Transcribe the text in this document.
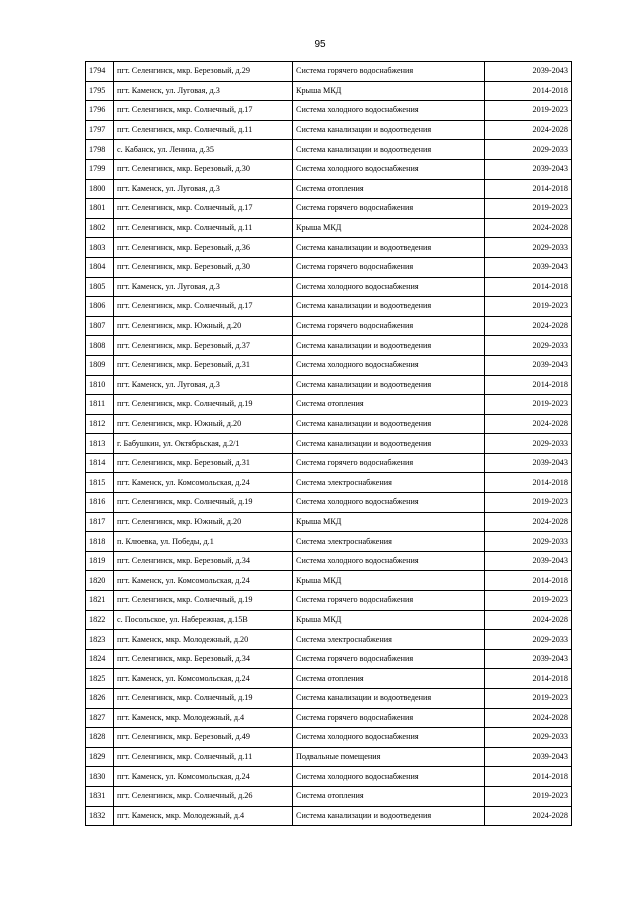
95
1794	пгт. Селенгинск, мкр. Березовый, д.29	Система горячего водоснабжения	2039-2043
1795	пгт. Каменск, ул. Луговая, д.3	Крыша МКД	2014-2018
1796	пгт. Селенгинск, мкр. Солнечный, д.17	Система холодного водоснабжения	2019-2023
1797	пгт. Селенгинск, мкр. Солнечный, д.11	Система канализации и водоотведения	2024-2028
1798	с. Кабанск, ул. Ленина, д.35	Система канализации и водоотведения	2029-2033
1799	пгт. Селенгинск, мкр. Березовый, д.30	Система холодного водоснабжения	2039-2043
1800	пгт. Каменск, ул. Луговая, д.3	Система отопления	2014-2018
1801	пгт. Селенгинск, мкр. Солнечный, д.17	Система горячего водоснабжения	2019-2023
1802	пгт. Селенгинск, мкр. Солнечный, д.11	Крыша МКД	2024-2028
1803	пгт. Селенгинск, мкр. Березовый, д.36	Система канализации и водоотведения	2029-2033
1804	пгт. Селенгинск, мкр. Березовый, д.30	Система горячего водоснабжения	2039-2043
1805	пгт. Каменск, ул. Луговая, д.3	Система холодного водоснабжения	2014-2018
1806	пгт. Селенгинск, мкр. Солнечный, д.17	Система канализации и водоотведения	2019-2023
1807	пгт. Селенгинск, мкр. Южный, д.20	Система горячего водоснабжения	2024-2028
1808	пгт. Селенгинск, мкр. Березовый, д.37	Система канализации и водоотведения	2029-2033
1809	пгт. Селенгинск, мкр. Березовый, д.31	Система холодного водоснабжения	2039-2043
1810	пгт. Каменск, ул. Луговая, д.3	Система канализации и водоотведения	2014-2018
1811	пгт. Селенгинск, мкр. Солнечный, д.19	Система отопления	2019-2023
1812	пгт. Селенгинск, мкр. Южный, д.20	Система канализации и водоотведения	2024-2028
1813	г. Бабушкин, ул. Октябрьская, д.2/1	Система канализации и водоотведения	2029-2033
1814	пгт. Селенгинск, мкр. Березовый, д.31	Система горячего водоснабжения	2039-2043
1815	пгт. Каменск, ул. Комсомольская, д.24	Система электроснабжения	2014-2018
1816	пгт. Селенгинск, мкр. Солнечный, д.19	Система холодного водоснабжения	2019-2023
1817	пгт. Селенгинск, мкр. Южный, д.20	Крыша МКД	2024-2028
1818	п. Клюевка, ул. Победы, д.1	Система электроснабжения	2029-2033
1819	пгт. Селенгинск, мкр. Березовый, д.34	Система холодного водоснабжения	2039-2043
1820	пгт. Каменск, ул. Комсомольская, д.24	Крыша МКД	2014-2018
1821	пгт. Селенгинск, мкр. Солнечный, д.19	Система горячего водоснабжения	2019-2023
1822	с. Посольское, ул. Набережная, д.15В	Крыша МКД	2024-2028
1823	пгт. Каменск, мкр. Молодежный, д.20	Система электроснабжения	2029-2033
1824	пгт. Селенгинск, мкр. Березовый, д.34	Система горячего водоснабжения	2039-2043
1825	пгт. Каменск, ул. Комсомольская, д.24	Система отопления	2014-2018
1826	пгт. Селенгинск, мкр. Солнечный, д.19	Система канализации и водоотведения	2019-2023
1827	пгт. Каменск, мкр. Молодежный, д.4	Система горячего водоснабжения	2024-2028
1828	пгт. Селенгинск, мкр. Березовый, д.49	Система холодного водоснабжения	2029-2033
1829	пгт. Селенгинск, мкр. Солнечный, д.11	Подвальные помещения	2039-2043
1830	пгт. Каменск, ул. Комсомольская, д.24	Система холодного водоснабжения	2014-2018
1831	пгт. Селенгинск, мкр. Солнечный, д.26	Система отопления	2019-2023
1832	пгт. Каменск, мкр. Молодежный, д.4	Система канализации и водоотведения	2024-2028
